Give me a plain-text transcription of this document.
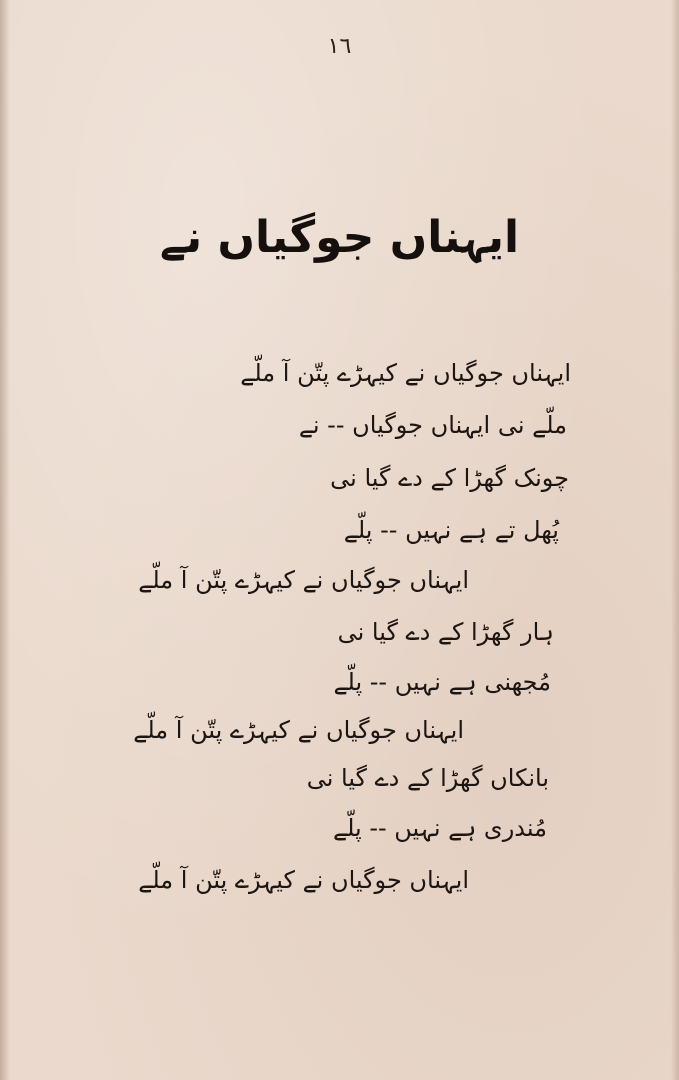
١٦
ایہناں جوگیاں نے
ایہناں جوگیاں نے کیہڑے پتّن آ ملّے
ملّے نی ایہناں جوگیاں -- نے
چونک گھڑا کے دے گیا نی
پُھل تے ہے نہیں -- پلّے
ایہناں جوگیاں نے کیہڑے پتّن آ ملّے
ہار گھڑا کے دے گیا نی
مُجھنی ہے نہیں -- پلّے
ایہناں جوگیاں نے کیہڑے پتّن آ ملّے
بانکاں گھڑا کے دے گیا نی
مُندری ہے نہیں -- پلّے
ایہناں جوگیاں نے کیہڑے پتّن آ ملّے
